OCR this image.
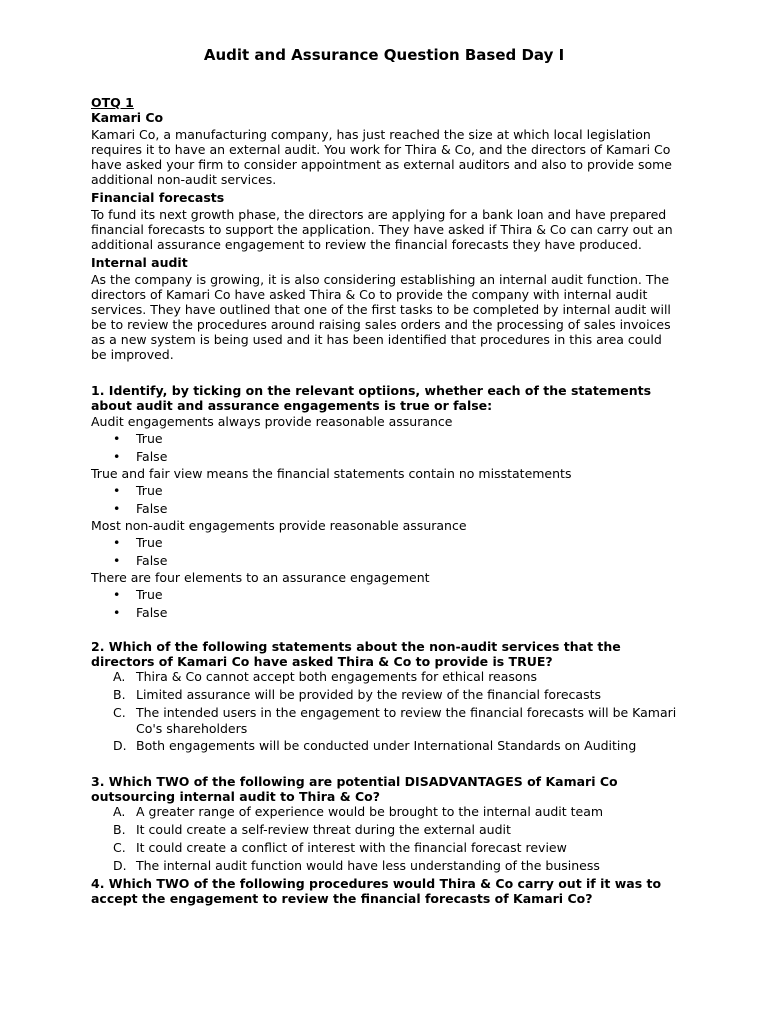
Audit and Assurance Question Based Day I

OTQ 1

Kamari Co

Kamari Co, a manufacturing company, has just reached the size at which local legislation requires it to have an external audit. You work for Thira & Co, and the directors of Kamari Co have asked your firm to consider appointment as external auditors and also to provide some additional non-audit services.

Financial forecasts

To fund its next growth phase, the directors are applying for a bank loan and have prepared financial forecasts to support the application. They have asked if Thira & Co can carry out an additional assurance engagement to review the financial forecasts they have produced.

Internal audit

As the company is growing, it is also considering establishing an internal audit function. The directors of Kamari Co have asked Thira & Co to provide the company with internal audit services. They have outlined that one of the first tasks to be completed by internal audit will be to review the procedures around raising sales orders and the processing of sales invoices as a new system is being used and it has been identified that procedures in this area could be improved.

1. Identify, by ticking on the relevant optiions, whether each of the statements about audit and assurance engagements is true or false:

Audit engagements always provide reasonable assurance

• True
• False

True and fair view means the financial statements contain no misstatements

• True
• False

Most non-audit engagements provide reasonable assurance

• True
• False

There are four elements to an assurance engagement

• True
• False

2. Which of the following statements about the non-audit services that the directors of Kamari Co have asked Thira & Co to provide is TRUE?

A. Thira & Co cannot accept both engagements for ethical reasons
B. Limited assurance will be provided by the review of the financial forecasts
C. The intended users in the engagement to review the financial forecasts will be Kamari Co's shareholders
D. Both engagements will be conducted under International Standards on Auditing

3. Which TWO of the following are potential DISADVANTAGES of Kamari Co outsourcing internal audit to Thira & Co?

A. A greater range of experience would be brought to the internal audit team
B. It could create a self-review threat during the external audit
C. It could create a conflict of interest with the financial forecast review
D. The internal audit function would have less understanding of the business

4. Which TWO of the following procedures would Thira & Co carry out if it was to accept the engagement to review the financial forecasts of Kamari Co?
